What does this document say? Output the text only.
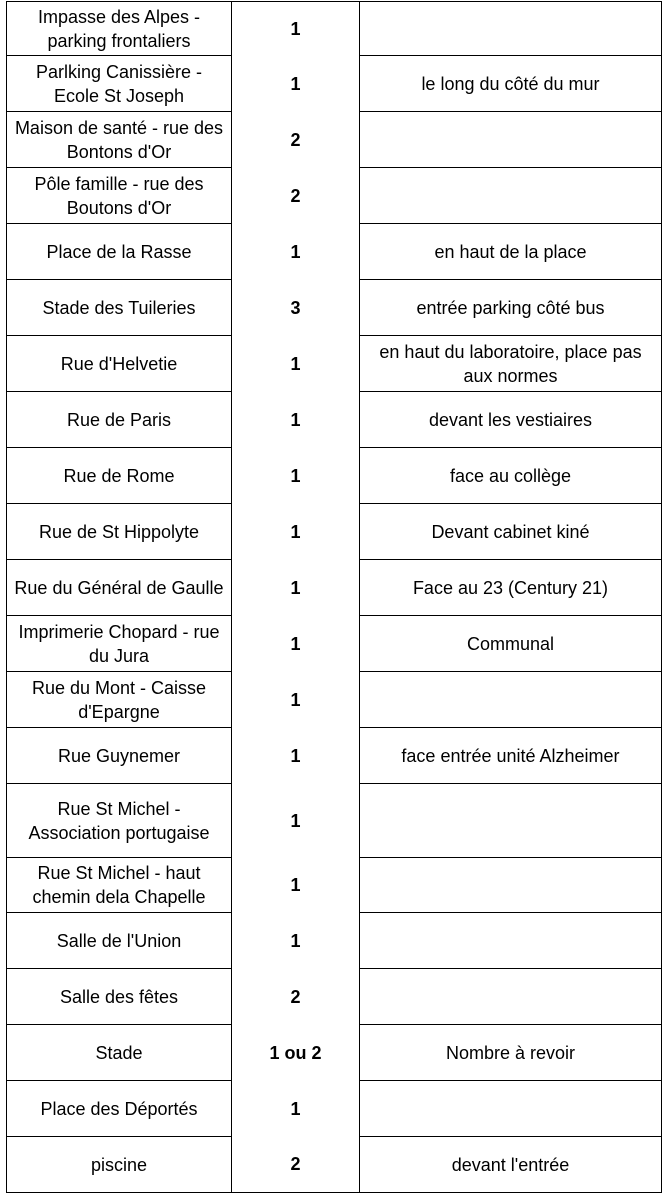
Impasse des Alpes - parking frontaliers	1	
Parlking Canissière - Ecole St Joseph	1	le long du côté du mur
Maison de santé - rue des Bontons d'Or	2	
Pôle famille - rue des Boutons d'Or	2	
Place de la Rasse	1	en haut de la place
Stade des Tuileries	3	entrée parking côté bus
Rue d'Helvetie	1	en haut du laboratoire, place pas aux normes
Rue de Paris	1	devant les vestiaires
Rue de Rome	1	face au collège
Rue de St Hippolyte	1	Devant cabinet kiné
Rue du Général de Gaulle	1	Face au 23 (Century 21)
Imprimerie Chopard - rue du Jura	1	Communal
Rue du Mont - Caisse d'Epargne	1	
Rue Guynemer	1	face entrée unité Alzheimer
Rue St Michel - Association portugaise	1	
Rue St Michel - haut chemin dela Chapelle	1	
Salle de l'Union	1	
Salle des fêtes	2	
Stade	1 ou 2	Nombre à revoir
Place des Déportés	1	
piscine	2	devant l'entrée
